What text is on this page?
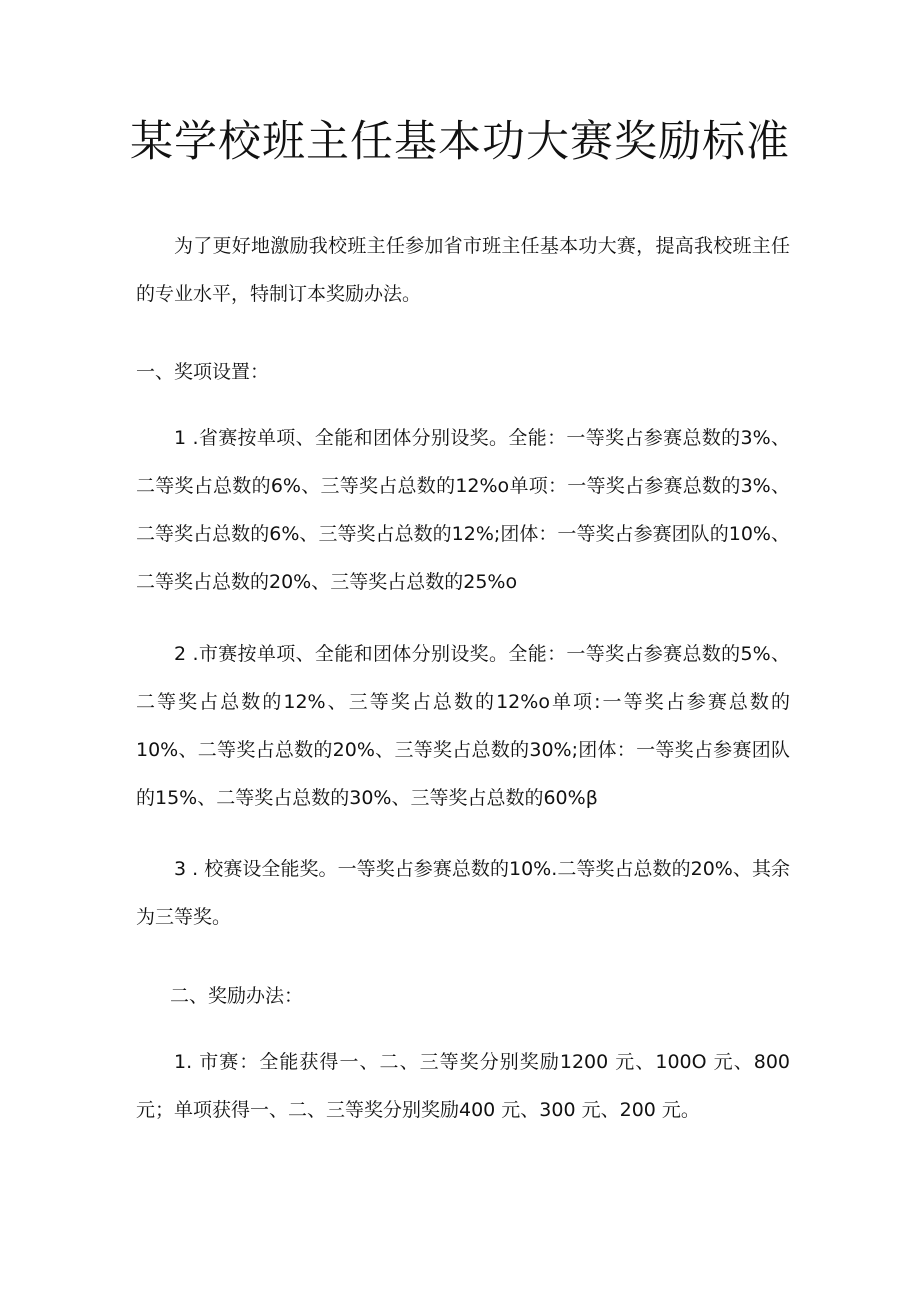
某学校班主任基本功大赛奖励标准

为了更好地激励我校班主任参加省市班主任基本功大赛，提高我校班主任的专业水平，特制订本奖励办法。

一、奖项设置：

1 .省赛按单项、全能和团体分别设奖。全能：一等奖占参赛总数的3%、二等奖占总数的6%、三等奖占总数的12%o单项：一等奖占参赛总数的3%、二等奖占总数的6%、三等奖占总数的12%;团体：一等奖占参赛团队的10%、二等奖占总数的20%、三等奖占总数的25%o

2 .市赛按单项、全能和团体分别设奖。全能：一等奖占参赛总数的5%、二等奖占总数的12%、三等奖占总数的12%o单项:一等奖占参赛总数的10%、二等奖占总数的20%、三等奖占总数的30%;团体：一等奖占参赛团队的15%、二等奖占总数的30%、三等奖占总数的60%β

3 . 校赛设全能奖。一等奖占参赛总数的10%.二等奖占总数的20%、其余为三等奖。

二、奖励办法：

1. 市赛：全能获得一、二、三等奖分别奖励1200 元、100O 元、800 元；单项获得一、二、三等奖分别奖励400 元、300 元、200 元。
